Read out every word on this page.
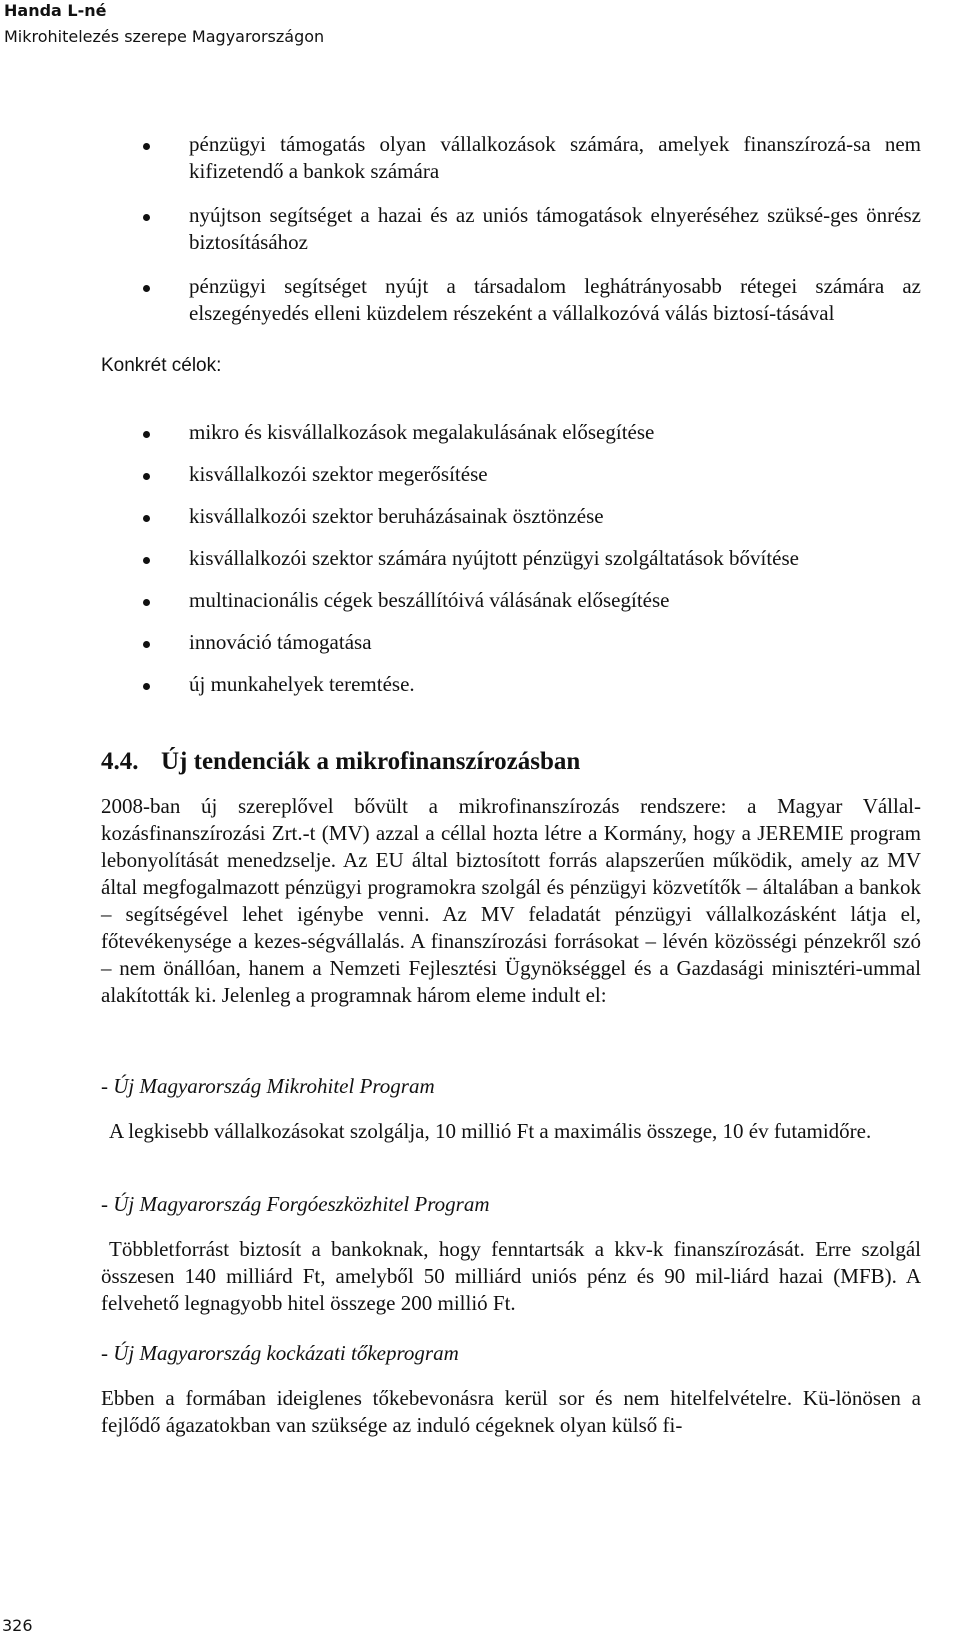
Handa L-né

Mikrohitelezés szerepe Magyarországon

pénzügyi támogatás olyan vállalkozások számára, amelyek finanszírozá-sa nem kifizetendő a bankok számára
nyújtson segítséget a hazai és az uniós támogatások elnyeréséhez szüksé-ges önrész biztosításához
pénzügyi segítséget nyújt a társadalom leghátrányosabb rétegei számára az elszegényedés elleni küzdelem részeként a vállalkozóvá válás biztosí-tásával

Konkrét célok:

mikro és kisvállalkozások megalakulásának elősegítése
kisvállalkozói szektor megerősítése
kisvállalkozói szektor beruházásainak ösztönzése
kisvállalkozói szektor számára nyújtott pénzügyi szolgáltatások bővítése
multinacionális cégek beszállítóivá válásának elősegítése
innováció támogatása
új munkahelyek teremtése.
4.4. Új tendenciák a mikrofinanszírozásban

2008-ban új szereplővel bővült a mikrofinanszírozás rendszere: a Magyar Vállal-kozásfinanszírozási Zrt.-t (MV) azzal a céllal hozta létre a Kormány, hogy a JEREMIE program lebonyolítását menedzselje. Az EU által biztosított forrás alapszerűen működik, amely az MV által megfogalmazott pénzügyi programokra szolgál és pénzügyi közvetítők – általában a bankok – segítségével lehet igénybe venni. Az MV feladatát pénzügyi vállalkozásként látja el, főtevékenysége a kezes-ségvállalás. A finanszírozási forrásokat – lévén közösségi pénzekről szó – nem önállóan, hanem a Nemzeti Fejlesztési Ügynökséggel és a Gazdasági minisztéri-ummal alakították ki. Jelenleg a programnak három eleme indult el:

- Új Magyarország Mikrohitel Program

A legkisebb vállalkozásokat szolgálja, 10 millió Ft a maximális összege, 10 év futamidőre.

- Új Magyarország Forgóeszközhitel Program

Többletforrást biztosít a bankoknak, hogy fenntartsák a kkv-k finanszírozását. Erre szolgál összesen 140 milliárd Ft, amelyből 50 milliárd uniós pénz és 90 mil-liárd hazai (MFB). A felvehető legnagyobb hitel összege 200 millió Ft.

- Új Magyarország kockázati tőkeprogram

Ebben a formában ideiglenes tőkebevonásra kerül sor és nem hitelfelvételre. Kü-lönösen a fejlődő ágazatokban van szüksége az induló cégeknek olyan külső fi-

326
